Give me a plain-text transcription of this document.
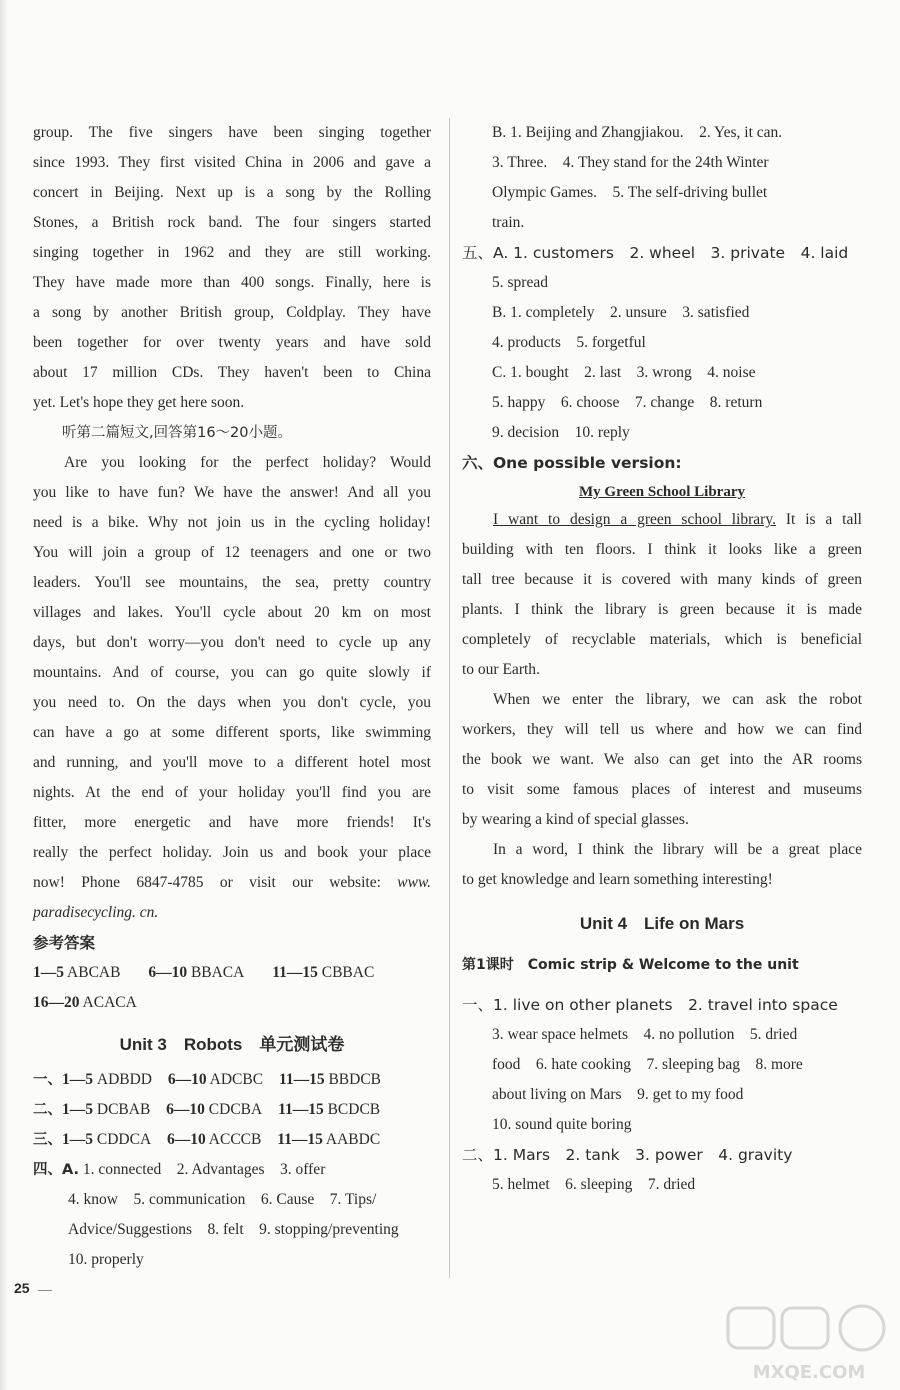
group. The five singers have been singing together

since 1993. They first visited China in 2006 and gave a

concert in Beijing. Next up is a song by the Rolling

Stones, a British rock band. The four singers started

singing together in 1962 and they are still working.

They have made more than 400 songs. Finally, here is

a song by another British group, Coldplay. They have

been together for over twenty years and have sold

about 17 million CDs. They haven't been to China

yet. Let's hope they get here soon.

听第二篇短文,回答第16～20小题。

Are you looking for the perfect holiday? Would

you like to have fun? We have the answer! And all you

need is a bike. Why not join us in the cycling holiday!

You will join a group of 12 teenagers and one or two

leaders. You'll see mountains, the sea, pretty country

villages and lakes. You'll cycle about 20 km on most

days, but don't worry—you don't need to cycle up any

mountains. And of course, you can go quite slowly if

you need to. On the days when you don't cycle, you

can have a go at some different sports, like swimming

and running, and you'll move to a different hotel most

nights. At the end of your holiday you'll find you are

fitter, more energetic and have more friends! It's

really the perfect holiday. Join us and book your place

now! Phone 6847-4785 or visit our website: www.

paradisecycling. cn.

参考答案

1—5 ABCAB 6—10 BBACA 11—15 CBBAC

16—20 ACACA

Unit 3　Robots　单元测试卷

一、1—5 ADBDD 6—10 ADCBC 11—15 BBDCB

二、1—5 DCBAB 6—10 CDCBA 11—15 BCDCB

三、1—5 CDDCA 6—10 ACCCB 11—15 AABDC

四、A. 1. connected　2. Advantages　3. offer

4. know　5. communication　6. Cause　7. Tips/

Advice/Suggestions　8. felt　9. stopping/preventing

10. properly

B. 1. Beijing and Zhangjiakou.　2. Yes, it can.

3. Three.　4. They stand for the 24th Winter

Olympic Games.　5. The self-driving bullet

train.

五、A. 1. customers　2. wheel　3. private　4. laid

5. spread

B. 1. completely　2. unsure　3. satisfied

4. products　5. forgetful

C. 1. bought　2. last　3. wrong　4. noise

5. happy　6. choose　7. change　8. return

9. decision　10. reply

六、One possible version:

My Green School Library

I want to design a green school library. It is a tall

building with ten floors. I think it looks like a green

tall tree because it is covered with many kinds of green

plants. I think the library is green because it is made

completely of recyclable materials, which is beneficial

to our Earth.

When we enter the library, we can ask the robot

workers, they will tell us where and how we can find

the book we want. We also can get into the AR rooms

to visit some famous places of interest and museums

by wearing a kind of special glasses.

In a word, I think the library will be a great place

to get knowledge and learn something interesting!

Unit 4　Life on Mars

第1课时　Comic strip & Welcome to the unit

一、1. live on other planets　2. travel into space

3. wear space helmets　4. no pollution　5. dried

food　6. hate cooking　7. sleeping bag　8. more

about living on Mars　9. get to my food

10. sound quite boring

二、1. Mars　2. tank　3. power　4. gravity

5. helmet　6. sleeping　7. dried

25
MXQE.COM
